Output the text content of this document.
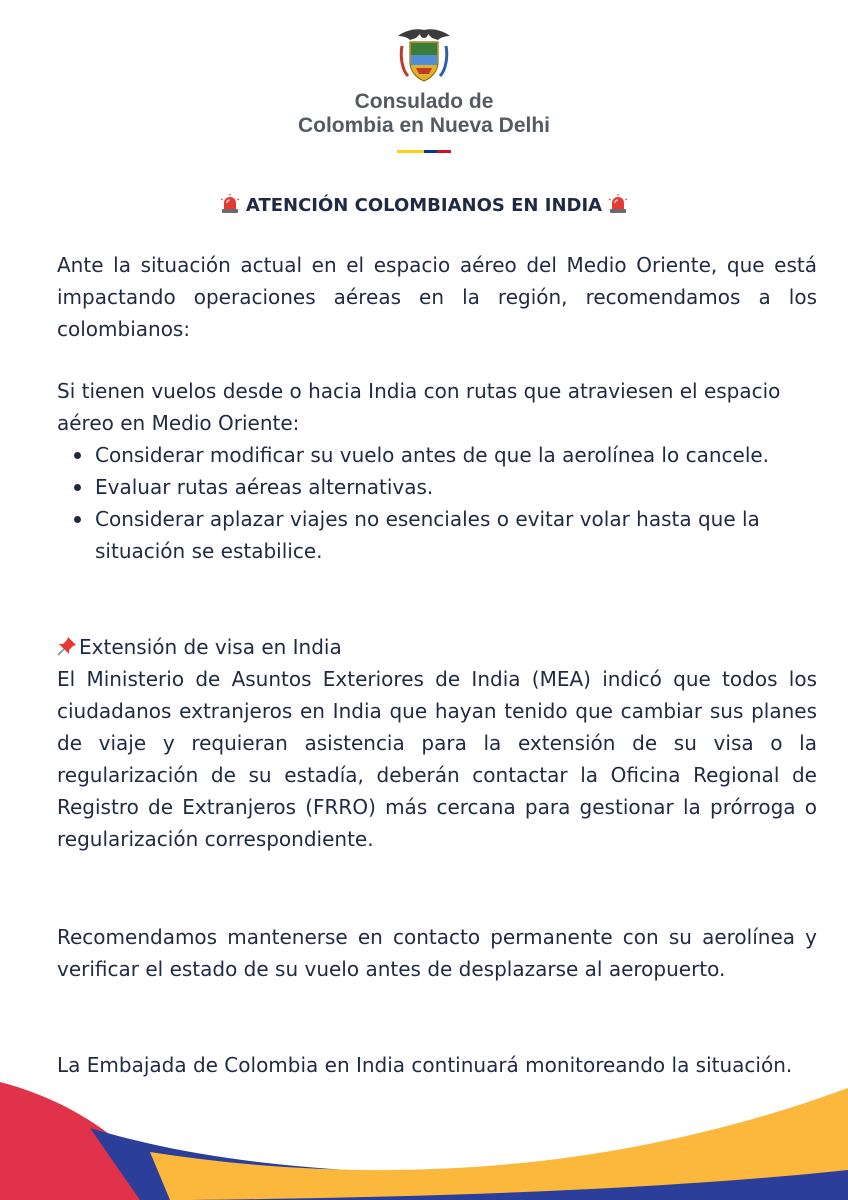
Consulado de
Colombia en Nueva Delhi
ATENCIÓN COLOMBIANOS EN INDIA
Ante la situación actual en el espacio aéreo del Medio Oriente, que está impactando operaciones aéreas en la región, recomendamos a los colombianos:
Si tienen vuelos desde o hacia India con rutas que atraviesen el espacio aéreo en Medio Oriente:
Considerar modificar su vuelo antes de que la aerolínea lo cancele.
Evaluar rutas aéreas alternativas.
Considerar aplazar viajes no esenciales o evitar volar hasta que la situación se estabilice.
Extensión de visa en India
El Ministerio de Asuntos Exteriores de India (MEA) indicó que todos los ciudadanos extranjeros en India que hayan tenido que cambiar sus planes de viaje y requieran asistencia para la extensión de su visa o la regularización de su estadía, deberán contactar la Oficina Regional de Registro de Extranjeros (FRRO) más cercana para gestionar la prórroga o regularización correspondiente.
Recomendamos mantenerse en contacto permanente con su aerolínea y verificar el estado de su vuelo antes de desplazarse al aeropuerto.
La Embajada de Colombia en India continuará monitoreando la situación.
